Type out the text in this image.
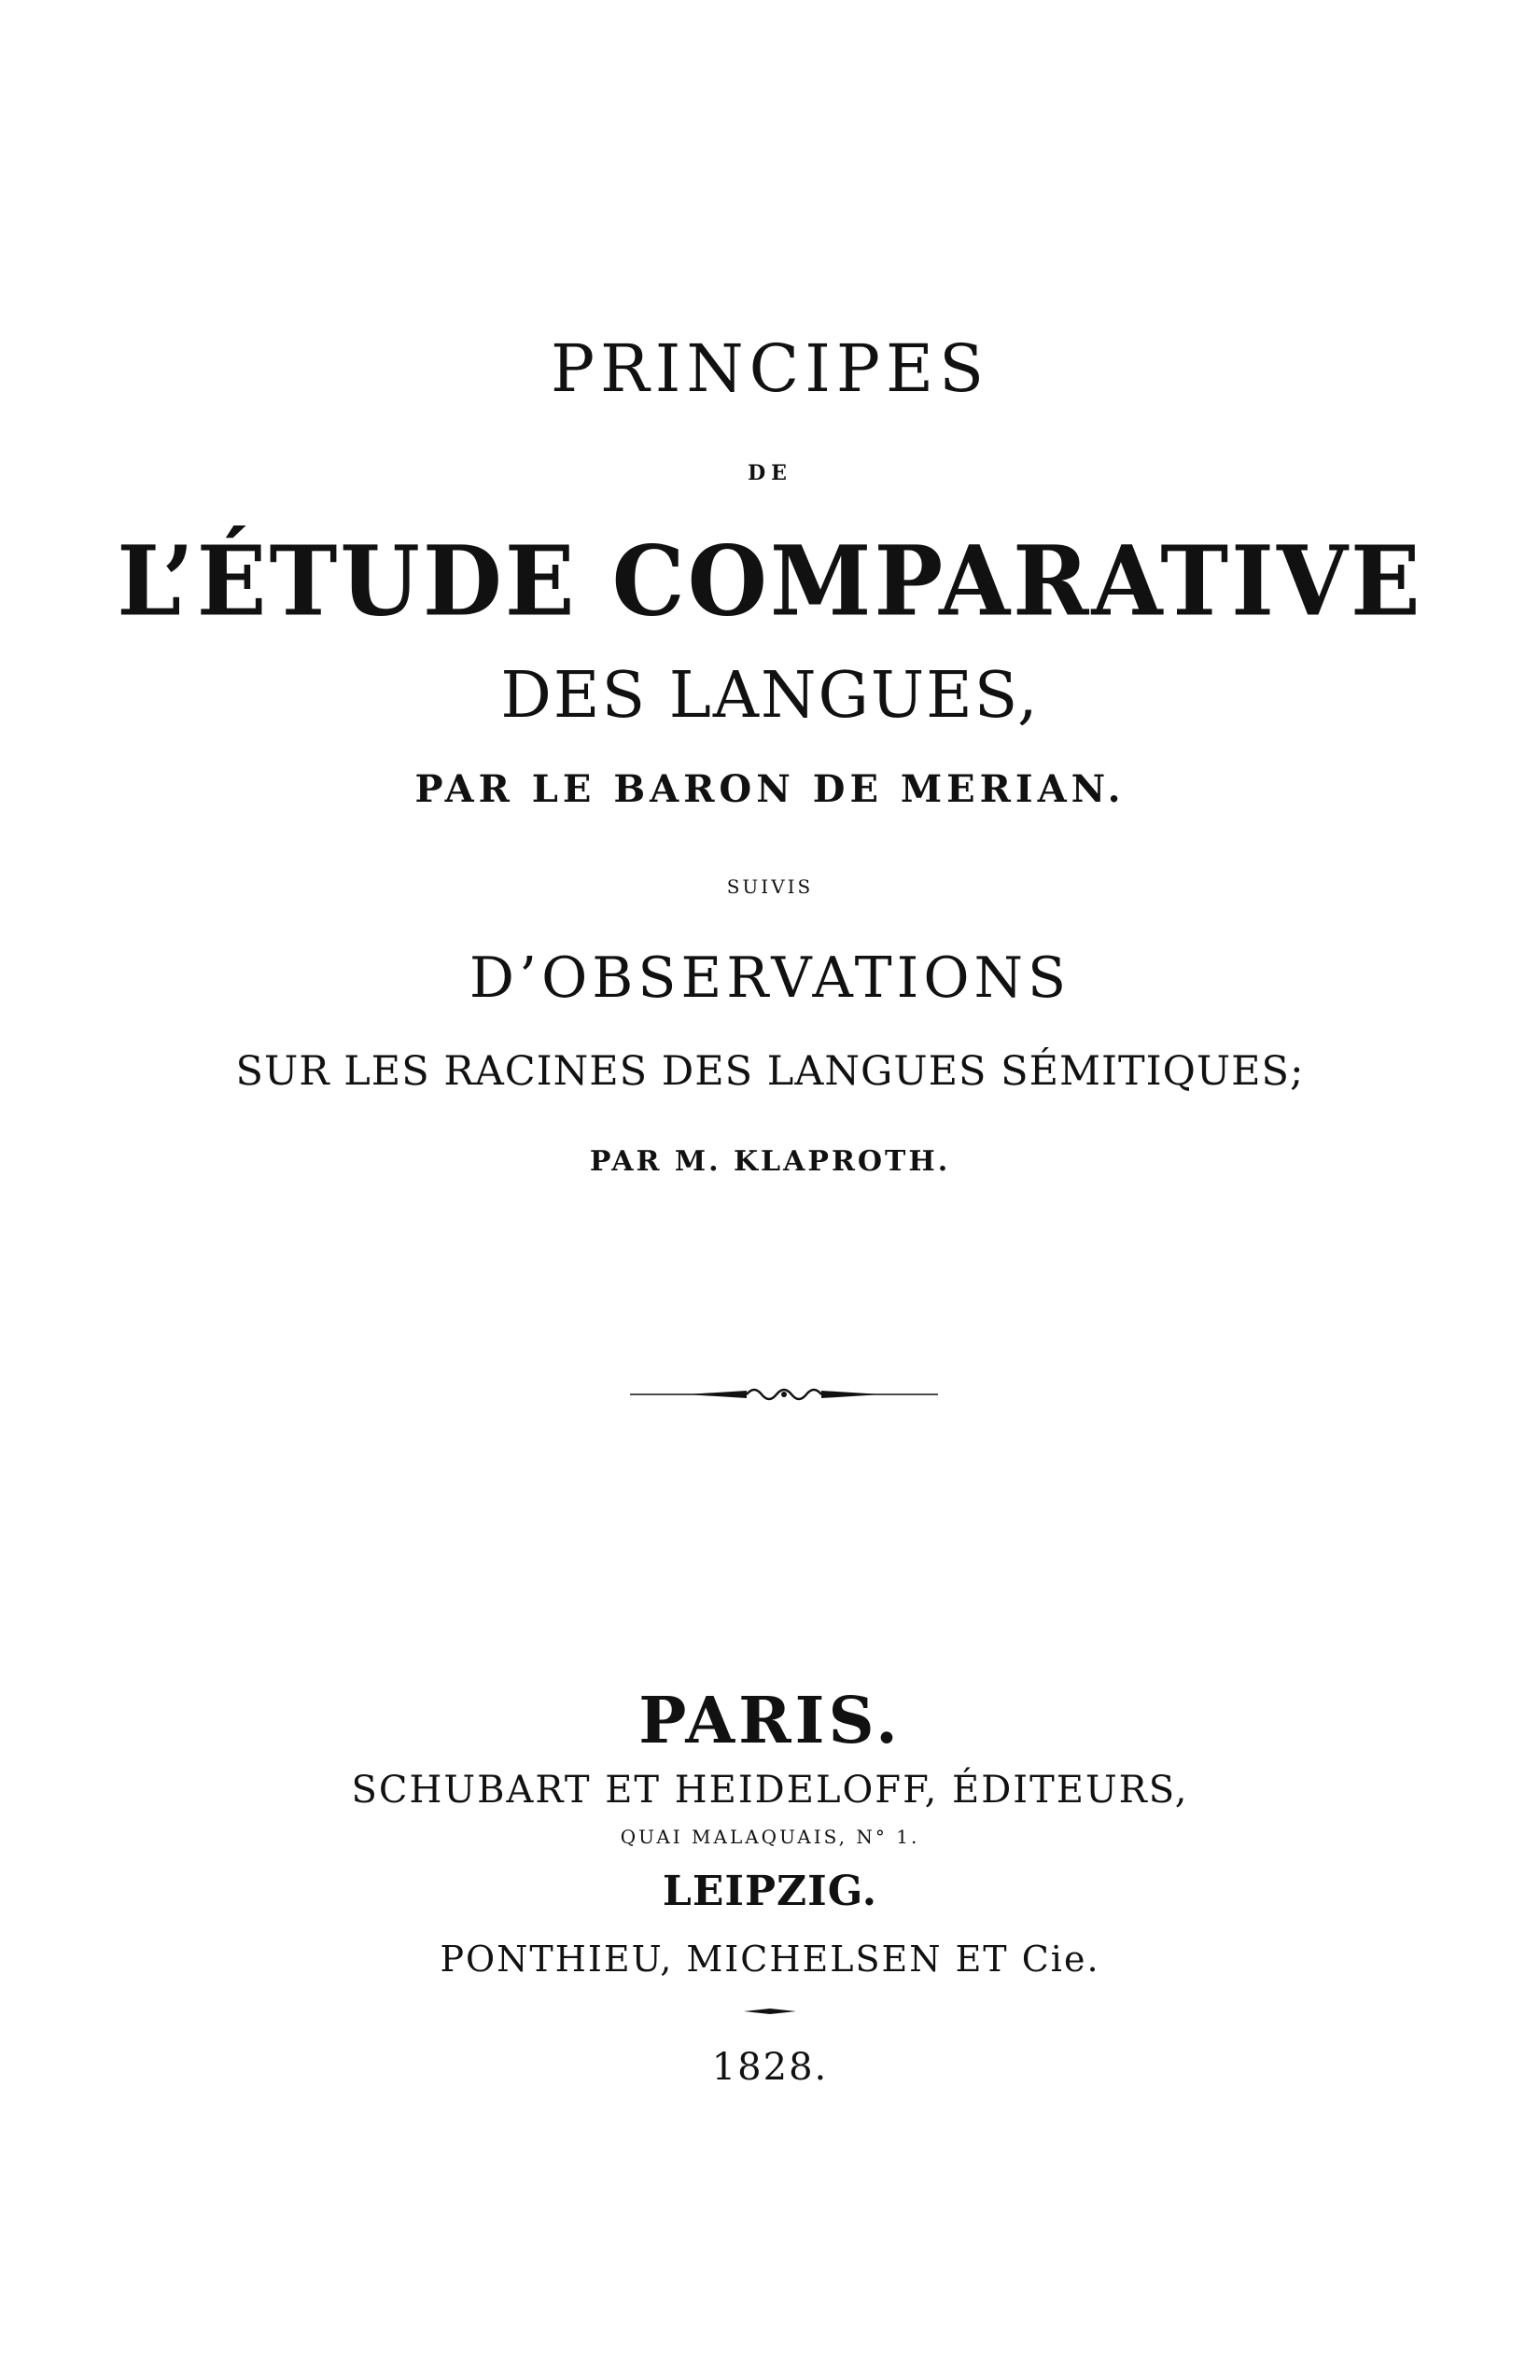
PRINCIPES
DE
L’ÉTUDE COMPARATIVE
DES LANGUES,
PAR LE BARON DE MERIAN.
SUIVIS
D’OBSERVATIONS
SUR LES RACINES DES LANGUES SÉMITIQUES;
PAR M. KLAPROTH.
PARIS.
SCHUBART ET HEIDELOFF, ÉDITEURS,
QUAI MALAQUAIS, N° 1.
LEIPZIG.
PONTHIEU, MICHELSEN ET Cie.
1828.
